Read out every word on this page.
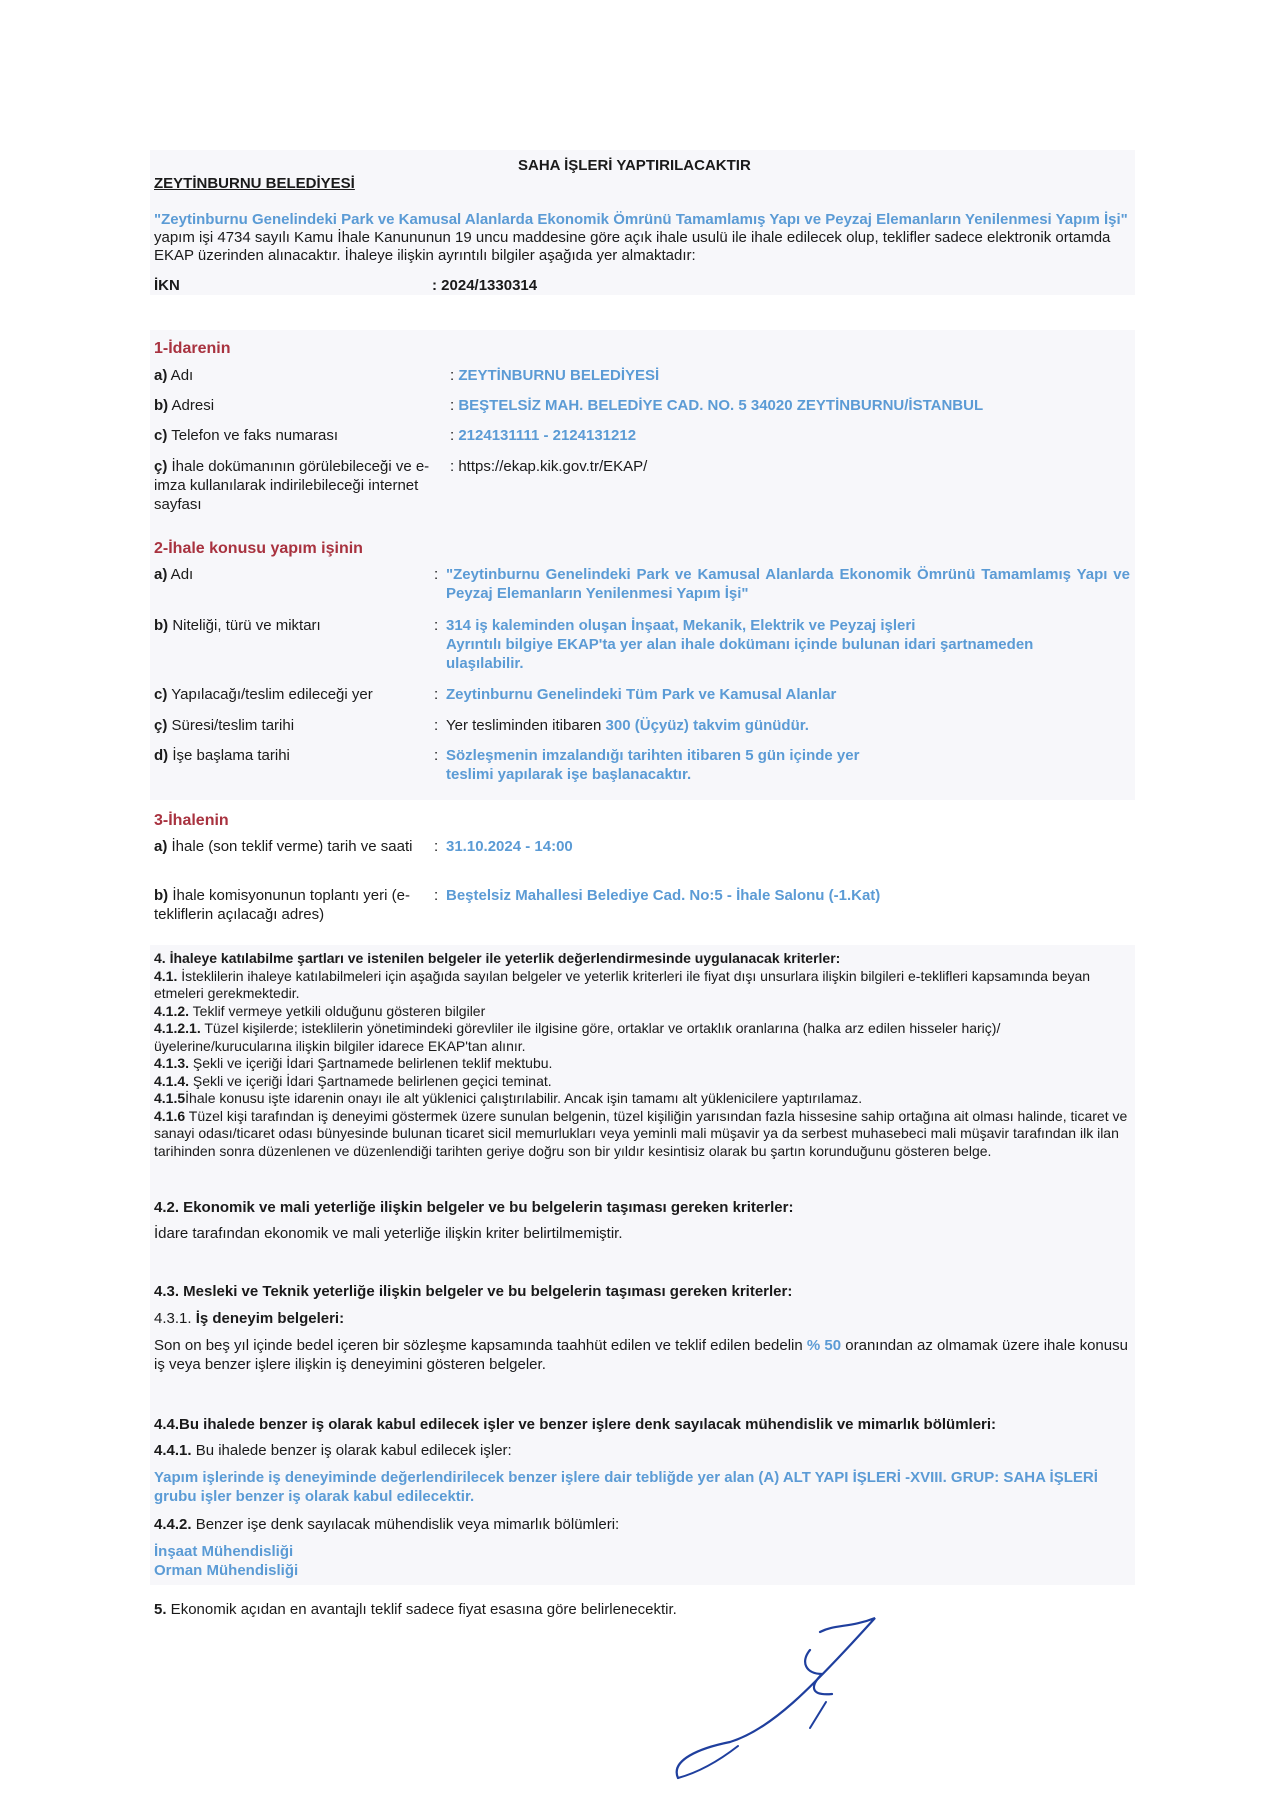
SAHA İŞLERİ YAPTIRILACAKTIR
ZEYTİNBURNU BELEDİYESİ
"Zeytinburnu Genelindeki Park ve Kamusal Alanlarda Ekonomik Ömrünü Tamamlamış Yapı ve Peyzaj Elemanların Yenilenmesi Yapım İşi" yapım işi 4734 sayılı Kamu İhale Kanununun 19 uncu maddesine göre açık ihale usulü ile ihale edilecek olup, teklifler sadece elektronik ortamda EKAP üzerinden alınacaktır. İhaleye ilişkin ayrıntılı bilgiler aşağıda yer almaktadır:
İKN	: 2024/1330314
1-İdarenin
a) Adı	: ZEYTİNBURNU BELEDİYESİ
b) Adresi	: BEŞTELSİZ MAH. BELEDİYE CAD. NO. 5 34020 ZEYTİNBURNU/İSTANBUL
c) Telefon ve faks numarası	: 2124131111 - 2124131212
ç) İhale dokümanının görülebileceği ve e-imza kullanılarak indirilebileceği internet sayfası
: https://ekap.kik.gov.tr/EKAP/
2-İhale konusu yapım işinin
a) Adı	: "Zeytinburnu Genelindeki Park ve Kamusal Alanlarda Ekonomik Ömrünü Tamamlamış Yapı ve Peyzaj Elemanların Yenilenmesi Yapım İşi"
b) Niteliği, türü ve miktarı	: 314 iş kaleminden oluşan İnşaat, Mekanik, Elektrik ve Peyzaj işleri
Ayrıntılı bilgiye EKAP'ta yer alan ihale dokümanı içinde bulunan idari şartnameden ulaşılabilir.
c) Yapılacağı/teslim edileceği yer	: Zeytinburnu Genelindeki Tüm Park ve Kamusal Alanlar
ç) Süresi/teslim tarihi	: Yer tesliminden itibaren 300 (Üçyüz) takvim günüdür.
d) İşe başlama tarihi	: Sözleşmenin imzalandığı tarihten itibaren 5 gün içinde yer teslimi yapılarak işe başlanacaktır.
3-İhalenin
a) İhale (son teklif verme) tarih ve saati : 31.10.2024 - 14:00
b) İhale komisyonunun toplantı yeri (e-tekliflerin açılacağı adres)
: Beştelsiz Mahallesi Belediye Cad. No:5 - İhale Salonu (-1.Kat)
4. İhaleye katılabilme şartları ve istenilen belgeler ile yeterlik değerlendirmesinde uygulanacak kriterler:
4.1. İsteklilerin ihaleye katılabilmeleri için aşağıda sayılan belgeler ve yeterlik kriterleri ile fiyat dışı unsurlara ilişkin bilgileri e-teklifleri kapsamında beyan etmeleri gerekmektedir.
4.1.2. Teklif vermeye yetkili olduğunu gösteren bilgiler
4.1.2.1. Tüzel kişilerde; isteklilerin yönetimindeki görevliler ile ilgisine göre, ortaklar ve ortaklık oranlarına (halka arz edilen hisseler hariç)/üyelerine/kurucularına ilişkin bilgiler idarece EKAP'tan alınır.
4.1.3. Şekli ve içeriği İdari Şartnamede belirlenen teklif mektubu.
4.1.4. Şekli ve içeriği İdari Şartnamede belirlenen geçici teminat.
4.1.5İhale konusu işte idarenin onayı ile alt yüklenici çalıştırılabilir. Ancak işin tamamı alt yüklenicilere yaptırılamaz.
4.1.6 Tüzel kişi tarafından iş deneyimi göstermek üzere sunulan belgenin, tüzel kişiliğin yarısından fazla hissesine sahip ortağına ait olması halinde, ticaret ve sanayi odası/ticaret odası bünyesinde bulunan ticaret sicil memurlukları veya yeminli mali müşavir ya da serbest muhasebeci mali müşavir tarafından ilk ilan tarihinden sonra düzenlenen ve düzenlendiği tarihten geriye doğru son bir yıldır kesintisiz olarak bu şartın korunduğunu gösteren belge.
4.2. Ekonomik ve mali yeterliğe ilişkin belgeler ve bu belgelerin taşıması gereken kriterler:
İdare tarafından ekonomik ve mali yeterliğe ilişkin kriter belirtilmemiştir.
4.3. Mesleki ve Teknik yeterliğe ilişkin belgeler ve bu belgelerin taşıması gereken kriterler:
4.3.1. İş deneyim belgeleri:
Son on beş yıl içinde bedel içeren bir sözleşme kapsamında taahhüt edilen ve teklif edilen bedelin % 50 oranından az olmamak üzere ihale konusu iş veya benzer işlere ilişkin iş deneyimini gösteren belgeler.
4.4.Bu ihalede benzer iş olarak kabul edilecek işler ve benzer işlere denk sayılacak mühendislik ve mimarlık bölümleri:
4.4.1. Bu ihalede benzer iş olarak kabul edilecek işler:
Yapım işlerinde iş deneyiminde değerlendirilecek benzer işlere dair tebliğde yer alan (A) ALT YAPI İŞLERİ -XVIII. GRUP: SAHA İŞLERİ grubu işler benzer iş olarak kabul edilecektir.
4.4.2. Benzer işe denk sayılacak mühendislik veya mimarlık bölümleri:
İnşaat Mühendisliği
Orman Mühendisliği
5. Ekonomik açıdan en avantajlı teklif sadece fiyat esasına göre belirlenecektir.
